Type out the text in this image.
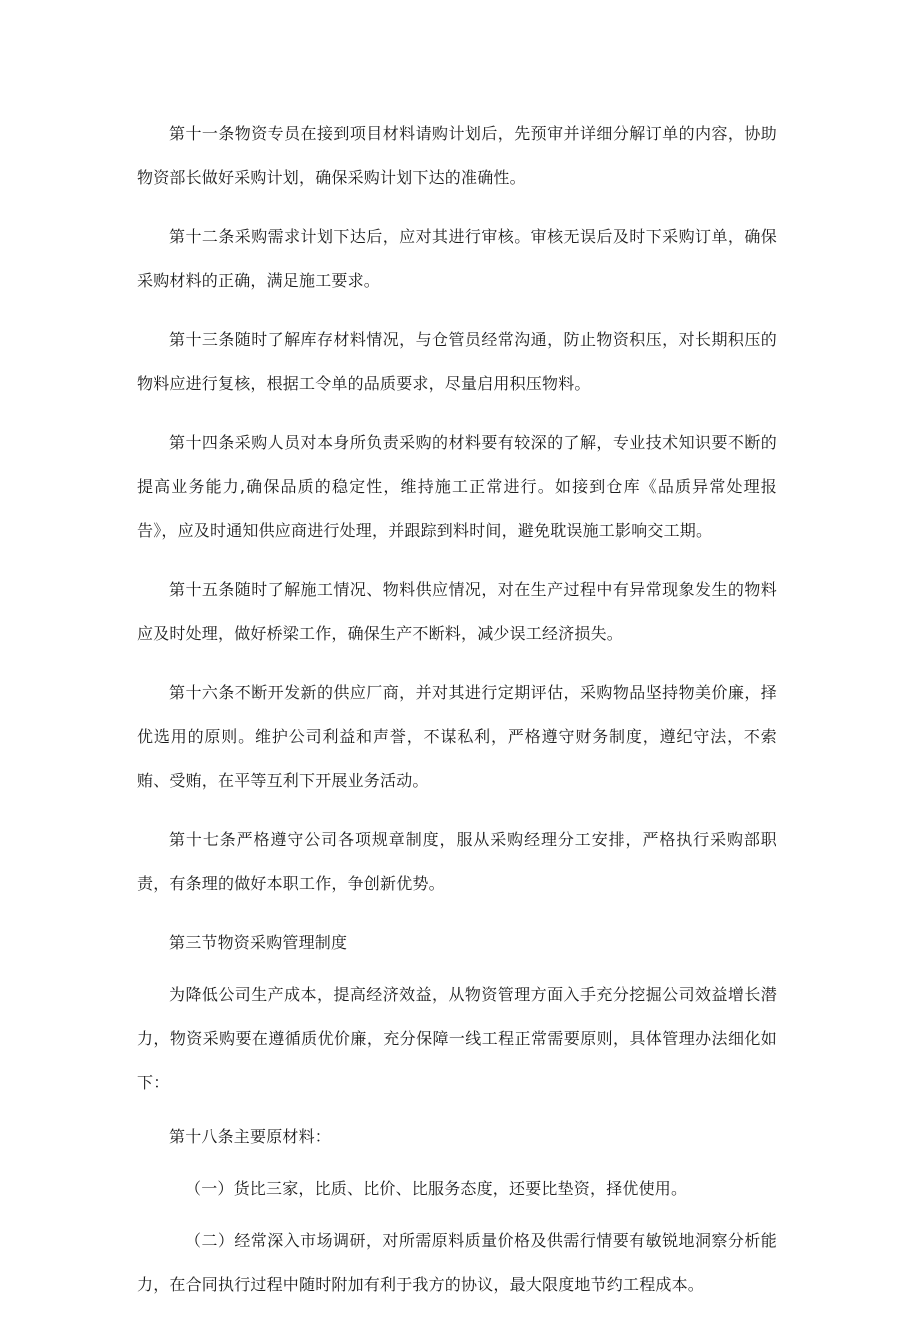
第十一条物资专员在接到项目材料请购计划后，先预审并详细分解订单的内容，协助物资部长做好采购计划，确保采购计划下达的准确性。

第十二条采购需求计划下达后，应对其进行审核。审核无误后及时下采购订单，确保采购材料的正确，满足施工要求。

第十三条随时了解库存材料情况，与仓管员经常沟通，防止物资积压，对长期积压的物料应进行复核，根据工令单的品质要求，尽量启用积压物料。

第十四条采购人员对本身所负责采购的材料要有较深的了解，专业技术知识要不断的提高业务能力,确保品质的稳定性，维持施工正常进行。如接到仓库《品质异常处理报告》，应及时通知供应商进行处理，并跟踪到料时间，避免耽误施工影响交工期。

第十五条随时了解施工情况、物料供应情况，对在生产过程中有异常现象发生的物料应及时处理，做好桥梁工作，确保生产不断料，减少误工经济损失。

第十六条不断开发新的供应厂商，并对其进行定期评估，采购物品坚持物美价廉，择优选用的原则。维护公司利益和声誉，不谋私利，严格遵守财务制度，遵纪守法，不索贿、受贿，在平等互利下开展业务活动。

第十七条严格遵守公司各项规章制度，服从采购经理分工安排，严格执行采购部职责，有条理的做好本职工作，争创新优势。

第三节物资采购管理制度

为降低公司生产成本，提高经济效益，从物资管理方面入手充分挖掘公司效益增长潜力，物资采购要在遵循质优价廉，充分保障一线工程正常需要原则，具体管理办法细化如下：

第十八条主要原材料：

（一）货比三家，比质、比价、比服务态度，还要比垫资，择优使用。

（二）经常深入市场调研，对所需原料质量价格及供需行情要有敏锐地洞察分析能力，在合同执行过程中随时附加有利于我方的协议，最大限度地节约工程成本。
